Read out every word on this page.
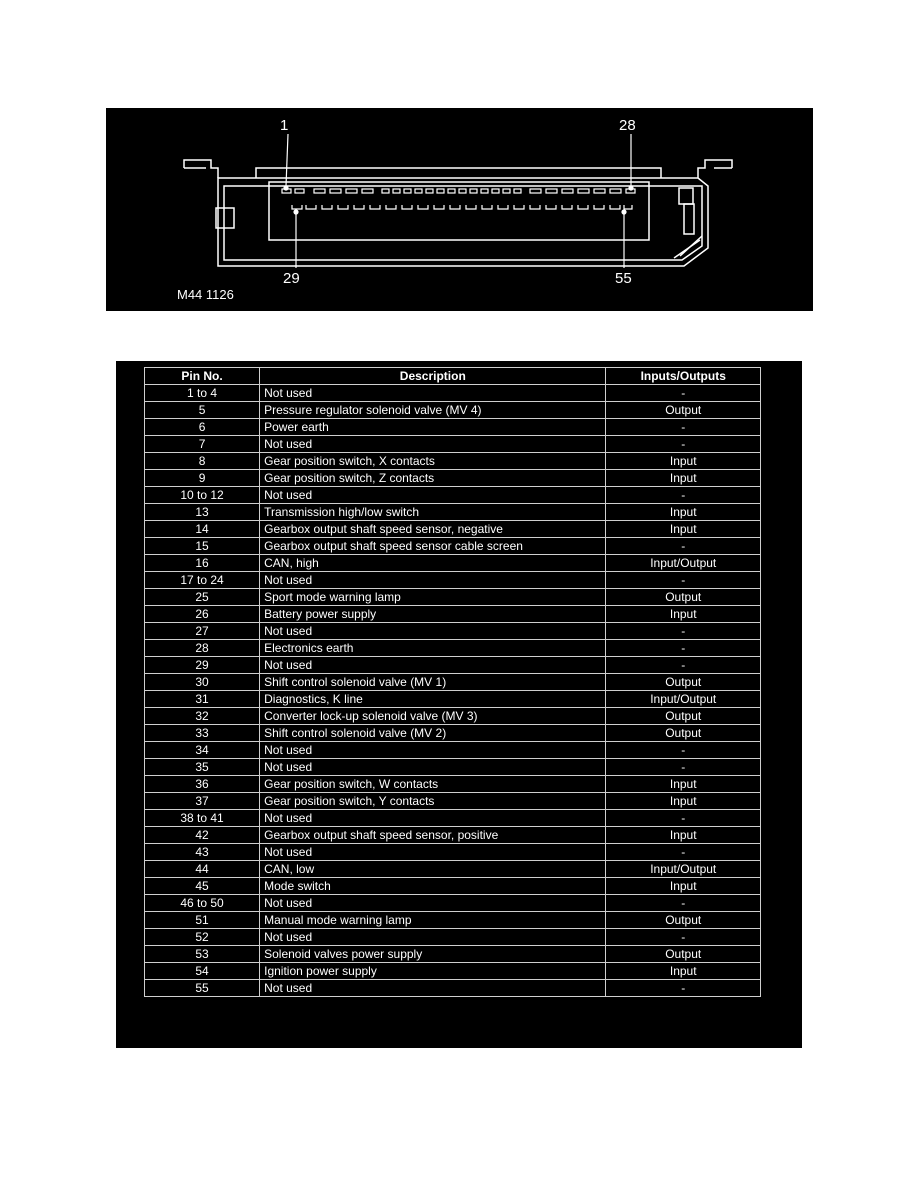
1	28
29	55
M44 1126
Pin No.	Description	Inputs/Outputs
1 to 4	Not used	-
5	Pressure regulator solenoid valve (MV 4)	Output
6	Power earth	-
7	Not used	-
8	Gear position switch, X contacts	Input
9	Gear position switch, Z contacts	Input
10 to 12	Not used	-
13	Transmission high/low switch	Input
14	Gearbox output shaft speed sensor, negative	Input
15	Gearbox output shaft speed sensor cable screen	-
16	CAN, high	Input/Output
17 to 24	Not used	-
25	Sport mode warning lamp	Output
26	Battery power supply	Input
27	Not used	-
28	Electronics earth	-
29	Not used	-
30	Shift control solenoid valve (MV 1)	Output
31	Diagnostics, K line	Input/Output
32	Converter lock-up solenoid valve (MV 3)	Output
33	Shift control solenoid valve (MV 2)	Output
34	Not used	-
35	Not used	-
36	Gear position switch, W contacts	Input
37	Gear position switch, Y contacts	Input
38 to 41	Not used	-
42	Gearbox output shaft speed sensor, positive	Input
43	Not used	-
44	CAN, low	Input/Output
45	Mode switch	Input
46 to 50	Not used	-
51	Manual mode warning lamp	Output
52	Not used	-
53	Solenoid valves power supply	Output
54	Ignition power supply	Input
55	Not used	-
